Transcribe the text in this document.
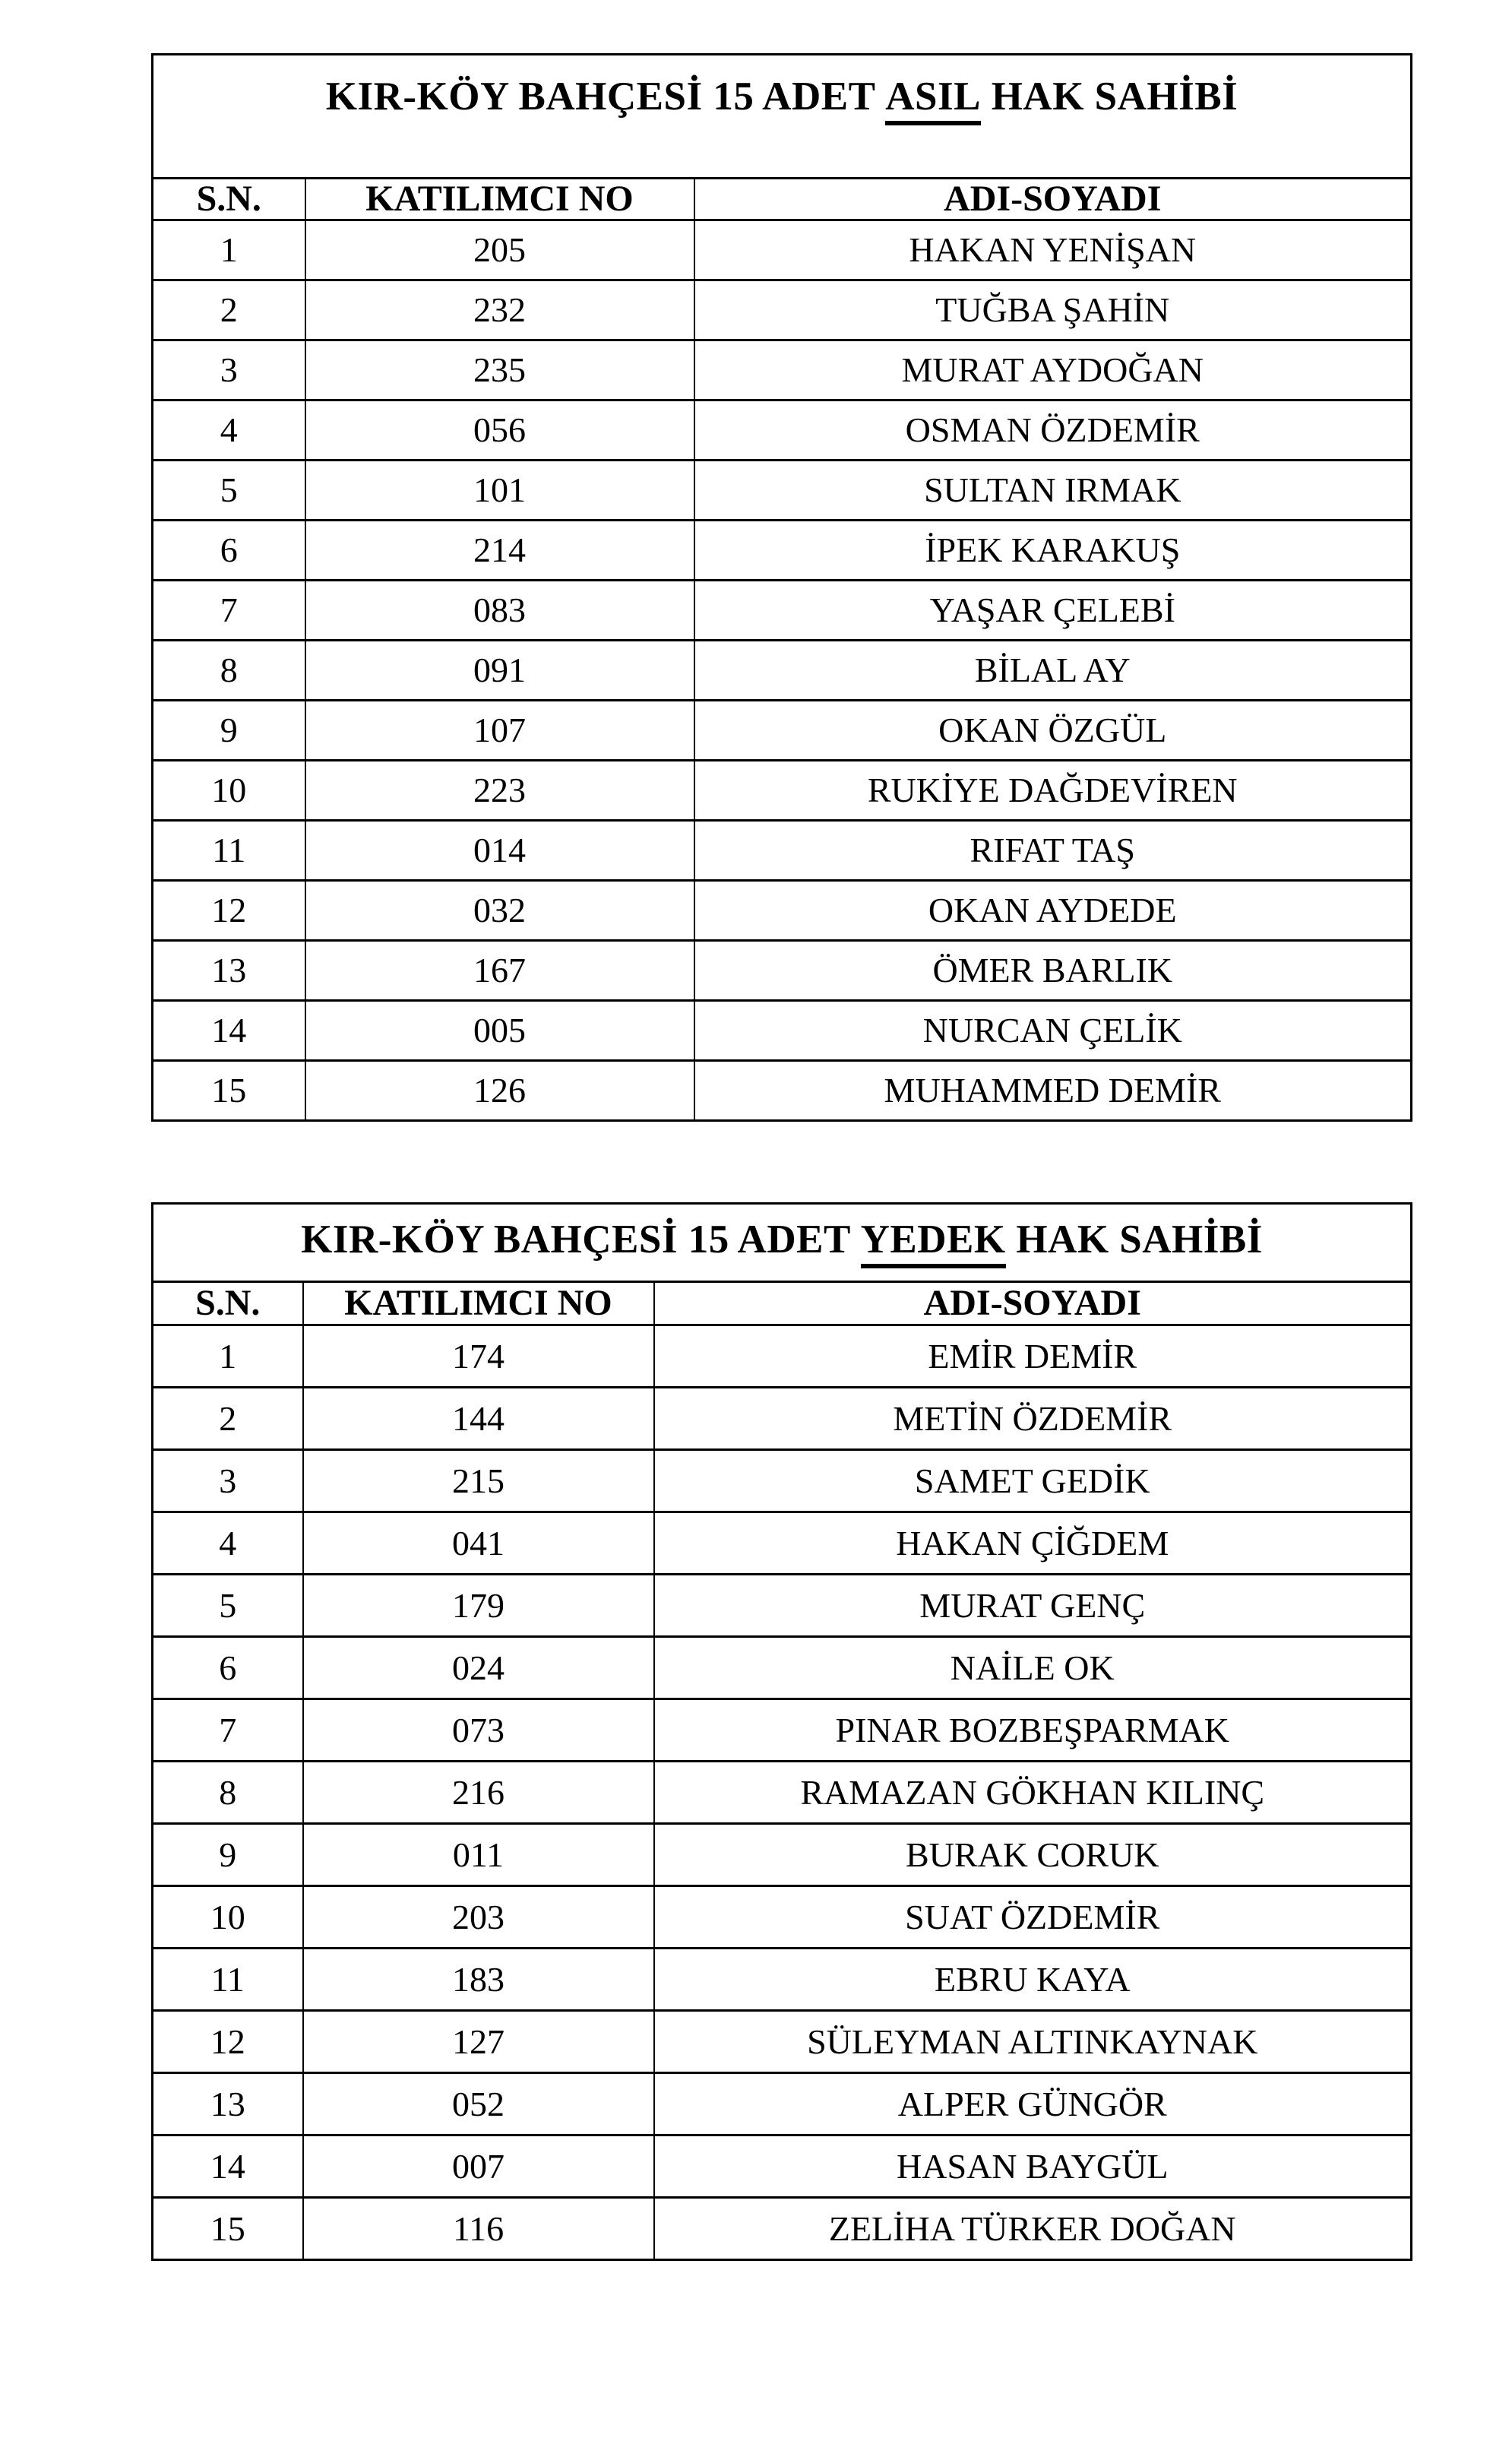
KIR-KÖY BAHÇESİ 15 ADET ASIL HAK SAHİBİ		
S.N.	KATILIMCI NO	ADI-SOYADI
1	205	HAKAN YENİŞAN
2	232	TUĞBA ŞAHİN
3	235	MURAT AYDOĞAN
4	056	OSMAN ÖZDEMİR
5	101	SULTAN IRMAK
6	214	İPEK KARAKUŞ
7	083	YAŞAR ÇELEBİ
8	091	BİLAL AY
9	107	OKAN ÖZGÜL
10	223	RUKİYE DAĞDEVİREN
11	014	RIFAT TAŞ
12	032	OKAN AYDEDE
13	167	ÖMER BARLIK
14	005	NURCAN ÇELİK
15	126	MUHAMMED DEMİR
KIR-KÖY BAHÇESİ 15 ADET YEDEK HAK SAHİBİ		
S.N.	KATILIMCI NO	ADI-SOYADI
1	174	EMİR DEMİR
2	144	METİN ÖZDEMİR
3	215	SAMET GEDİK
4	041	HAKAN ÇİĞDEM
5	179	MURAT GENÇ
6	024	NAİLE OK
7	073	PINAR BOZBEŞPARMAK
8	216	RAMAZAN GÖKHAN KILINÇ
9	011	BURAK CORUK
10	203	SUAT ÖZDEMİR
11	183	EBRU KAYA
12	127	SÜLEYMAN ALTINKAYNAK
13	052	ALPER GÜNGÖR
14	007	HASAN BAYGÜL
15	116	ZELİHA TÜRKER DOĞAN
